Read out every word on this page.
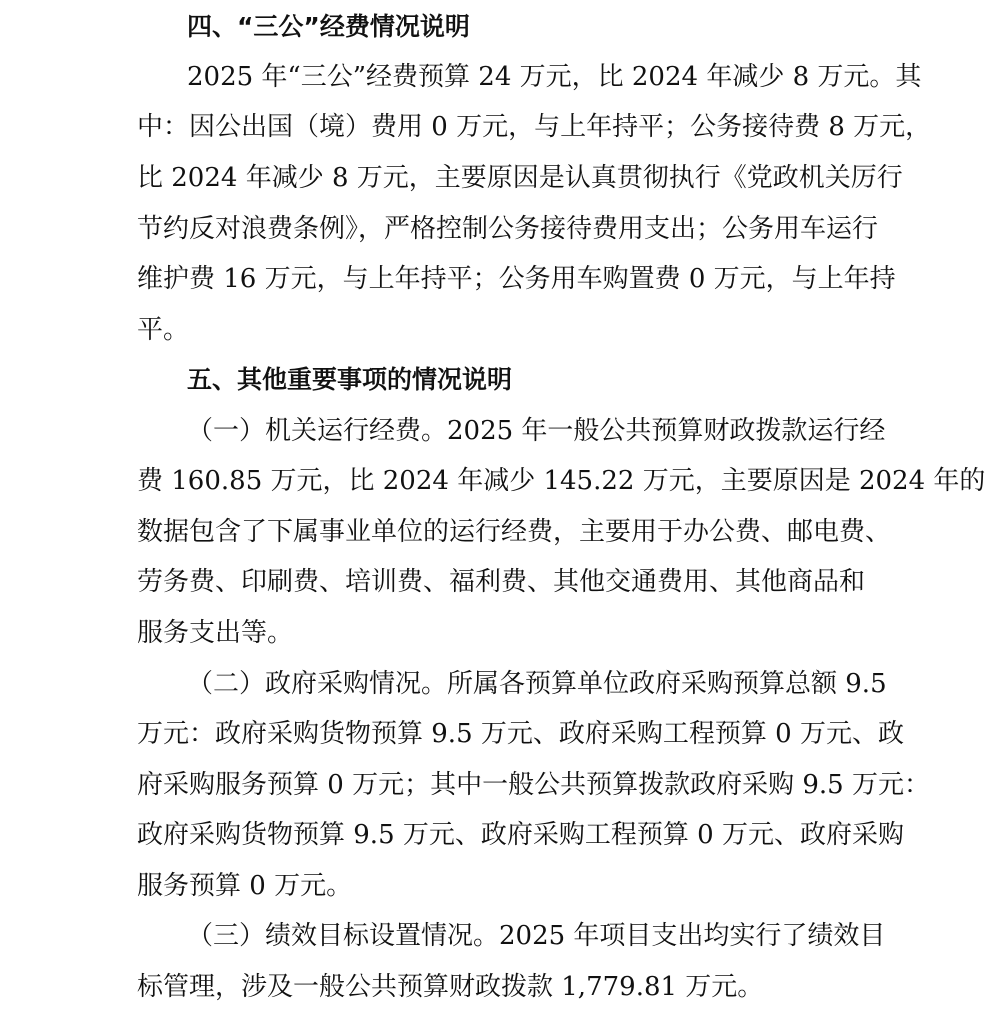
四、“三公”经费情况说明
2025 年“三公”经费预算 24 万元，比 2024 年减少 8 万元。其
中：因公出国（境）费用 0 万元，与上年持平；公务接待费 8 万元，
比 2024 年减少 8 万元，主要原因是认真贯彻执行《党政机关厉行
节约反对浪费条例》，严格控制公务接待费用支出；公务用车运行
维护费 16 万元，与上年持平；公务用车购置费 0 万元，与上年持
平。
五、其他重要事项的情况说明
（一）机关运行经费。2025 年一般公共预算财政拨款运行经
费 160.85 万元，比 2024 年减少 145.22 万元，主要原因是 2024 年的
数据包含了下属事业单位的运行经费，主要用于办公费、邮电费、
劳务费、印刷费、培训费、福利费、其他交通费用、其他商品和
服务支出等。
（二）政府采购情况。所属各预算单位政府采购预算总额 9.5
万元：政府采购货物预算 9.5 万元、政府采购工程预算 0 万元、政
府采购服务预算 0 万元；其中一般公共预算拨款政府采购 9.5 万元：
政府采购货物预算 9.5 万元、政府采购工程预算 0 万元、政府采购
服务预算 0 万元。
（三）绩效目标设置情况。2025 年项目支出均实行了绩效目
标管理，涉及一般公共预算财政拨款 1,779.81 万元。
